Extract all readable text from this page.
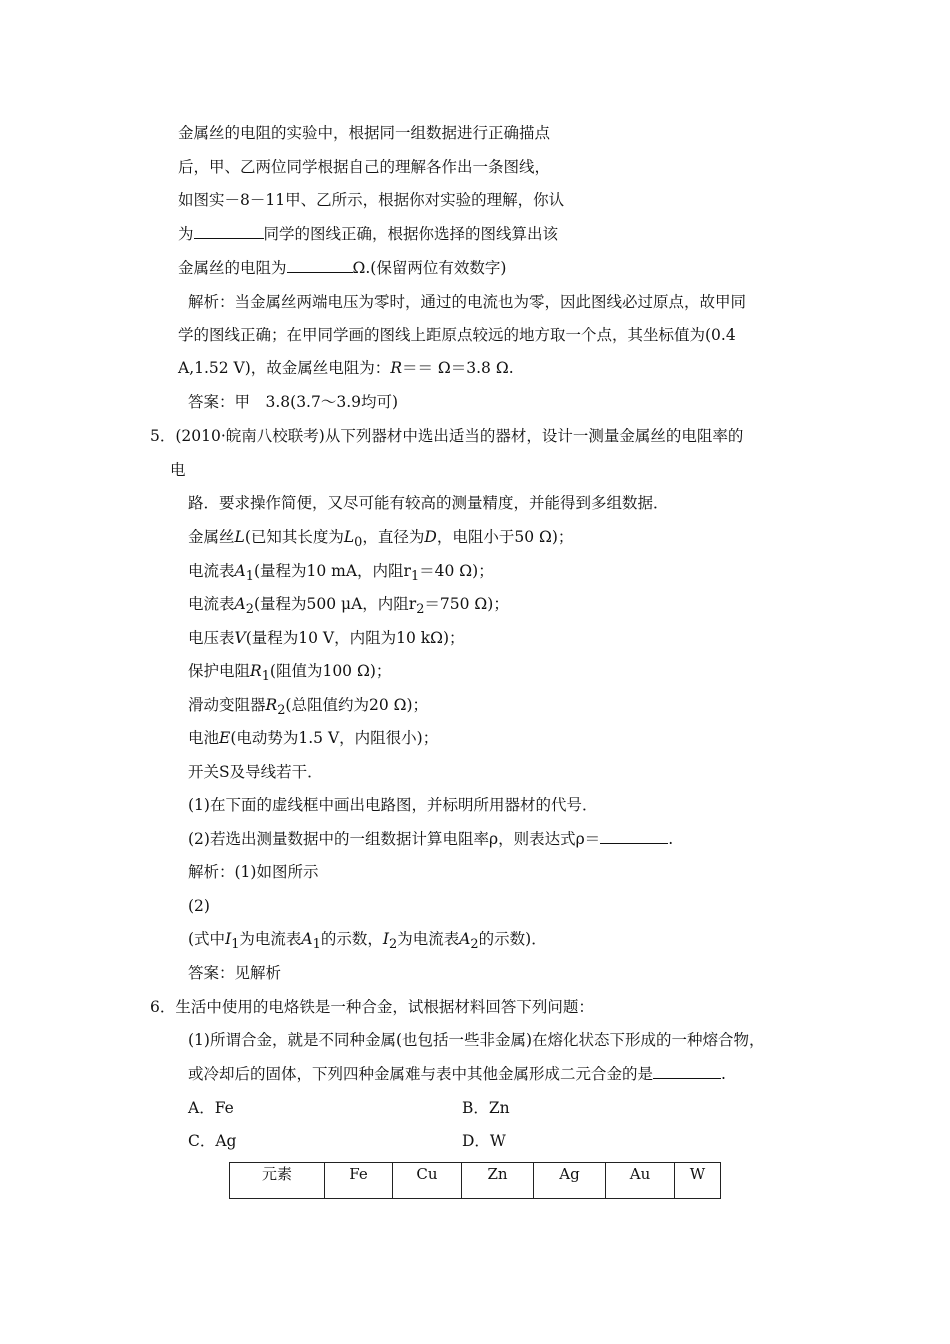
金属丝的电阻的实验中，根据同一组数据进行正确描点
后，甲、乙两位同学根据自己的理解各作出一条图线，
如图实－8－11甲、乙所示，根据你对实验的理解，你认
为	同学的图线正确，根据你选择的图线算出该
金属丝的电阻为	Ω.(保留两位有效数字)
解析：当金属丝两端电压为零时，通过的电流也为零，因此图线必过原点，故甲同
学的图线正确；在甲同学画的图线上距原点较远的地方取一个点，其坐标值为(0.4
A,1.52 V)，故金属丝电阻为：R＝＝ Ω＝3.8 Ω.
答案：甲　3.8(3.7～3.9均可)
5．(2010·皖南八校联考)从下列器材中选出适当的器材，设计一测量金属丝的电阻率的
电
路．要求操作简便，又尽可能有较高的测量精度，并能得到多组数据．
金属丝L(已知其长度为$L_0$，直径为D，电阻小于50 Ω)；
电流表$A_1$(量程为10 mA，内阻$r_1=40$ Ω)；
电流表$A_2$(量程为500 μA，内阻$r_2=750$ Ω)；
电压表V(量程为10 V，内阻为10 kΩ)；
保护电阻$R_1$(阻值为100 Ω)；
滑动变阻器$R_2$(总阻值约为20 Ω)；
电池E(电动势为1.5 V，内阻很小)；
开关S及导线若干．
(1)在下面的虚线框中画出电路图，并标明所用器材的代号．
(2)若选出测量数据中的一组数据计算电阻率ρ，则表达式ρ＝	.
解析：(1)如图所示
(2)
(式中$I_1$为电流表$A_1$的示数，$I_2$为电流表$A_2$的示数)．
答案：见解析
6．生活中使用的电烙铁是一种合金，试根据材料回答下列问题：
(1)所谓合金，就是不同种金属(也包括一些非金属)在熔化状态下形成的一种熔合物，
或冷却后的固体，下列四种金属难与表中其他金属形成二元合金的是	.
A．Fe	B．Zn
C．Ag	D．W
元素	Fe	Cu	Zn	Ag	Au	W
